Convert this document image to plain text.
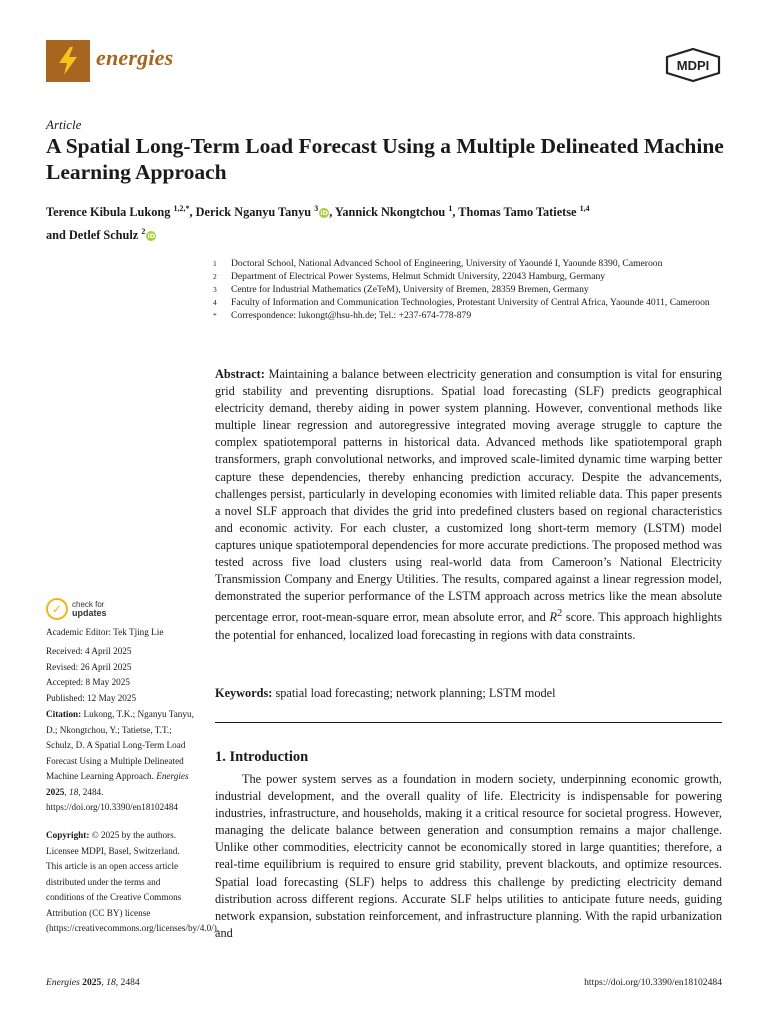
energies	MDPI
Article
A Spatial Long-Term Load Forecast Using a Multiple Delineated Machine Learning Approach
Terence Kibula Lukong $^{1,2,*}$, Derick Nganyu Tanyu $^3$iD, Yannick Nkongtchou $^1$, Thomas Tamo Tatietse $^{1,4}$
and Detlef Schulz $^2$iD
1	Doctoral School, National Advanced School of Engineering, University of Yaoundé I, Yaounde 8390, Cameroon
2	Department of Electrical Power Systems, Helmut Schmidt University, 22043 Hamburg, Germany
3	Centre for Industrial Mathematics (ZeTeM), University of Bremen, 28359 Bremen, Germany
4	Faculty of Information and Communication Technologies, Protestant University of Central Africa, Yaounde 4011, Cameroon
*	Correspondence: lukongt@hsu-hh.de; Tel.: +237-674-778-879

Abstract: Maintaining a balance between electricity generation and consumption is vital for ensuring grid stability and preventing disruptions. Spatial load forecasting (SLF) predicts geographical electricity demand, thereby aiding in power system planning. However, conventional methods like multiple linear regression and autoregressive integrated moving average struggle to capture the complex spatiotemporal patterns in historical data. Advanced methods like spatiotemporal graph transformers, graph convolutional networks, and improved scale-limited dynamic time warping better capture these dependencies, thereby enhancing prediction accuracy. Despite the advancements, challenges persist, particularly in developing economies with limited reliable data. This paper presents a novel SLF approach that divides the grid into predefined clusters based on regional characteristics and economic activity. For each cluster, a customized long short-term memory (LSTM) model captures unique spatiotemporal dependencies for more accurate predictions. The proposed method was tested across five load clusters using real-world data from Cameroon’s National Electricity Transmission Company and Energy Utilities. The results, compared against a linear regression model, demonstrated the superior performance of the LSTM approach across metrics like the mean absolute percentage error, root-mean-square error, mean absolute error, and $R^2$ score. This approach highlights the potential for enhanced, localized load forecasting in regions with data constraints.

Keywords: spatial load forecasting; network planning; LSTM model
1. Introduction

The power system serves as a foundation in modern society, underpinning economic growth, industrial development, and the overall quality of life. Electricity is indispensable for powering industries, infrastructure, and households, making it a critical resource for societal progress. However, managing the delicate balance between generation and consumption remains a major challenge. Unlike other commodities, electricity cannot be economically stored in large quantities; therefore, a real-time equilibrium is required to ensure grid stability, prevent blackouts, and optimize resources. Spatial load forecasting (SLF) helps to address this challenge by predicting electricity demand distribution across different regions. Accurate SLF helps utilities to anticipate future needs, guiding network expansion, substation reinforcement, and infrastructure planning. With the rapid urbanization and

✓	check for
updates

Academic Editor: Tek Tjing Lie

Received: 4 April 2025
Revised: 26 April 2025
Accepted: 8 May 2025
Published: 12 May 2025

Citation: Lukong, T.K.; Nganyu Tanyu, D.; Nkongtchou, Y.; Tatietse, T.T.; Schulz, D. A Spatial Long-Term Load Forecast Using a Multiple Delineated Machine Learning Approach. Energies 2025, 18, 2484. https://doi.org/10.3390/en18102484

Copyright: © 2025 by the authors. Licensee MDPI, Basel, Switzerland. This article is an open access article distributed under the terms and conditions of the Creative Commons Attribution (CC BY) license (https://creativecommons.org/licenses/by/4.0/).

Energies 2025, 18, 2484	https://doi.org/10.3390/en18102484
